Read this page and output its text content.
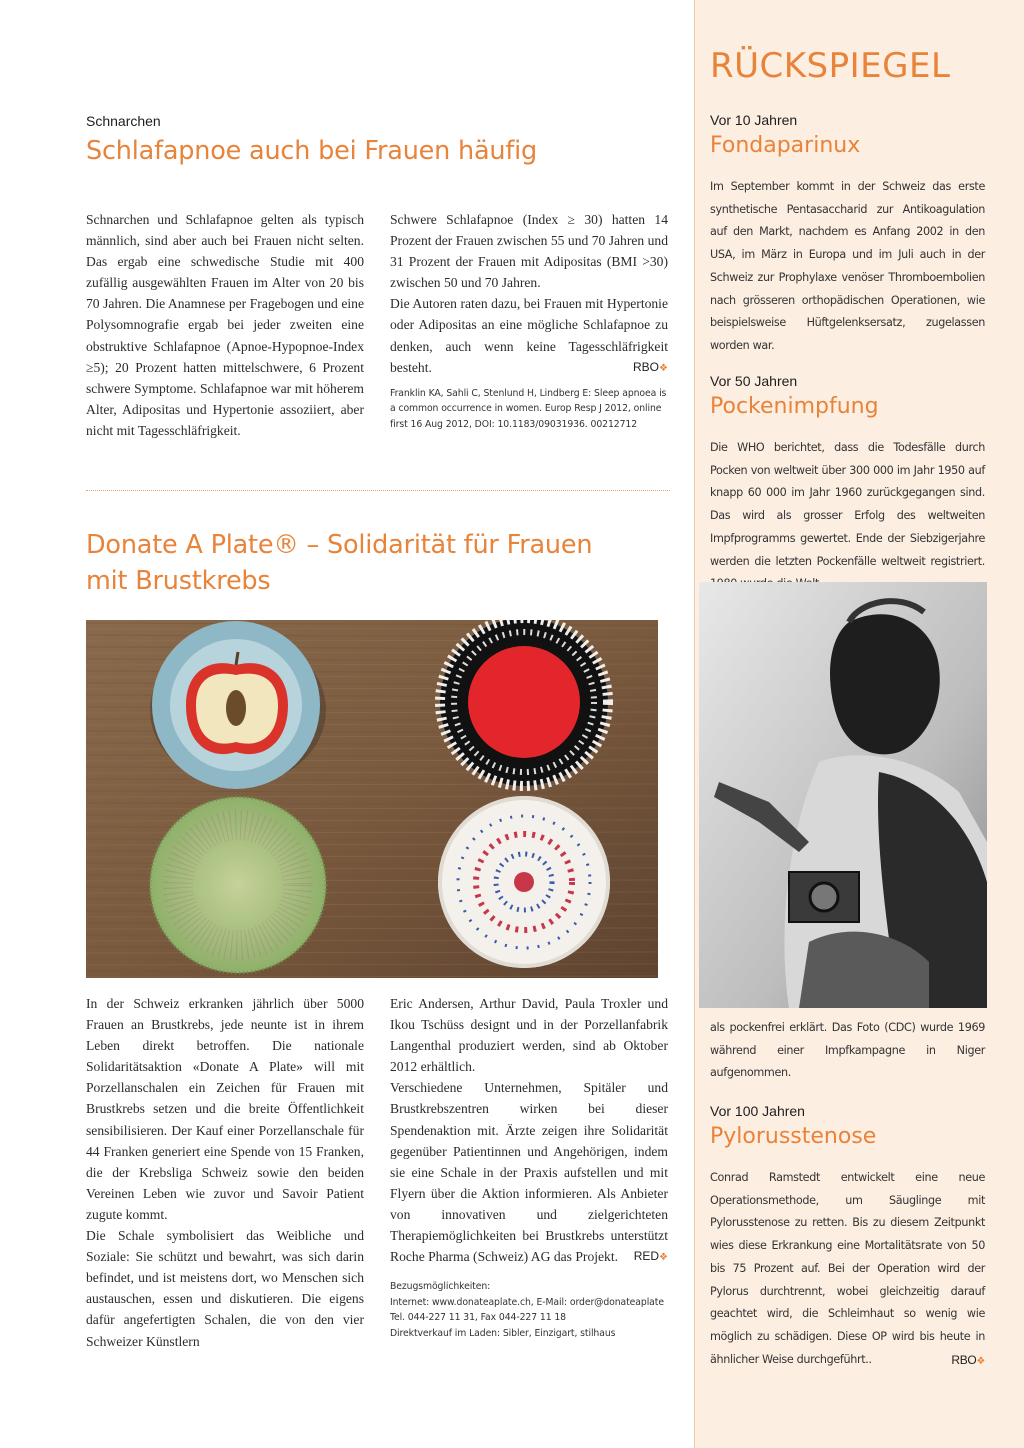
Schnarchen
Schlafapnoe auch bei Frauen häufig
Schnarchen und Schlafapnoe gelten als typisch männlich, sind aber auch bei Frauen nicht selten. Das ergab eine schwedische Studie mit 400 zufällig ausgewählten Frauen im Alter von 20 bis 70 Jahren. Die Anamnese per Fragebogen und eine Polysomnografie ergab bei jeder zweiten eine obstruktive Schlafapnoe (Apnoe-Hypopnoe-Index ≥5); 20 Prozent hatten mittelschwere, 6 Prozent schwere Symptome. Schlafapnoe war mit höherem Alter, Adipositas und Hypertonie assoziiert, aber nicht mit Tagesschläfrigkeit.

Schwere Schlafapnoe (Index ≥ 30) hatten 14 Prozent der Frauen zwischen 55 und 70 Jahren und 31 Prozent der Frauen mit Adipositas (BMI >30) zwischen 50 und 70 Jahren.

Die Autoren raten dazu, bei Frauen mit Hypertonie oder Adipositas an eine mögliche Schlafapnoe zu denken, auch wenn keine Tagesschläfrigkeit besteht.	RBO❖

Franklin KA, Sahli C, Stenlund H, Lindberg E: Sleep apnoea is a common occurrence in women. Europ Resp J 2012, online first 16 Aug 2012, DOI: 10.1183/09031936. 00212712

Donate A Plate® – Solidarität für Frauen
mit Brustkrebs

In der Schweiz erkranken jährlich über 5000 Frauen an Brustkrebs, jede neunte ist in ihrem Leben direkt betroffen. Die nationale Solidaritätsaktion «Donate A Plate» will mit Porzellanschalen ein Zeichen für Frauen mit Brustkrebs setzen und die breite Öffentlichkeit sensibilisieren. Der Kauf einer Porzellanschale für 44 Franken generiert eine Spende von 15 Franken, die der Krebsliga Schweiz sowie den beiden Vereinen Leben wie zuvor und Savoir Patient zugute kommt.

Die Schale symbolisiert das Weibliche und Soziale: Sie schützt und bewahrt, was sich darin befindet, und ist meistens dort, wo Menschen sich austauschen, essen und diskutieren. Die eigens dafür angefertigten Schalen, die von den vier Schweizer Künstlern

Eric Andersen, Arthur David, Paula Troxler und Ikou Tschüss designt und in der Porzellanfabrik Langenthal produziert werden, sind ab Oktober 2012 erhältlich.

Verschiedene Unternehmen, Spitäler und Brustkrebszentren wirken bei dieser Spendenaktion mit. Ärzte zeigen ihre Solidarität gegenüber Patientinnen und Angehörigen, indem sie eine Schale in der Praxis aufstellen und mit Flyern über die Aktion informieren. Als Anbieter von innovativen und zielgerichteten Therapiemöglichkeiten bei Brustkrebs unterstützt Roche Pharma (Schweiz) AG das Projekt. RED❖

Bezugsmöglichkeiten:
Internet: www.donateaplate.ch, E-Mail: order@donateaplate
Tel. 044-227 11 31, Fax 044-227 11 18
Direktverkauf im Laden: Sibler, Einzigart, stilhaus
RÜCKSPIEGEL
Vor 10 Jahren
Fondaparinux
Im September kommt in der Schweiz das erste synthetische Pentasaccharid zur Antikoagulation auf den Markt, nachdem es Anfang 2002 in den USA, im März in Europa und im Juli auch in der Schweiz zur Prophylaxe venöser Thromboembolien nach grösseren orthopädischen Operationen, wie beispielsweise Hüftgelenksersatz, zugelassen worden war.
Vor 50 Jahren
Pockenimpfung
Die WHO berichtet, dass die Todesfälle durch Pocken von weltweit über 300 000 im Jahr 1950 auf knapp 60 000 im Jahr 1960 zurückgegangen sind. Das wird als grosser Erfolg des weltweiten Impfprogramms gewertet. Ende der Siebzigerjahre werden die letzten Pockenfälle weltweit registriert.
als pockenfrei erklärt. Das Foto (CDC) wurde 1969 während einer Impfkampagne in Niger aufgenommen.
Vor 100 Jahren
Pylorusstenose
Conrad Ramstedt entwickelt eine neue Operationsmethode, um Säuglinge mit Pylorusstenose zu retten. Bis zu diesem Zeitpunkt wies diese Erkrankung eine Mortalitätsrate von 50 bis 75 Prozent auf. Bei der Operation wird der Pylorus durchtrennt, wobei gleichzeitig darauf geachtet wird, die Schleimhaut so wenig wie möglich zu schädigen. Diese OP wird bis heute in ähnlicher Weise durchgeführt..	RBO❖
